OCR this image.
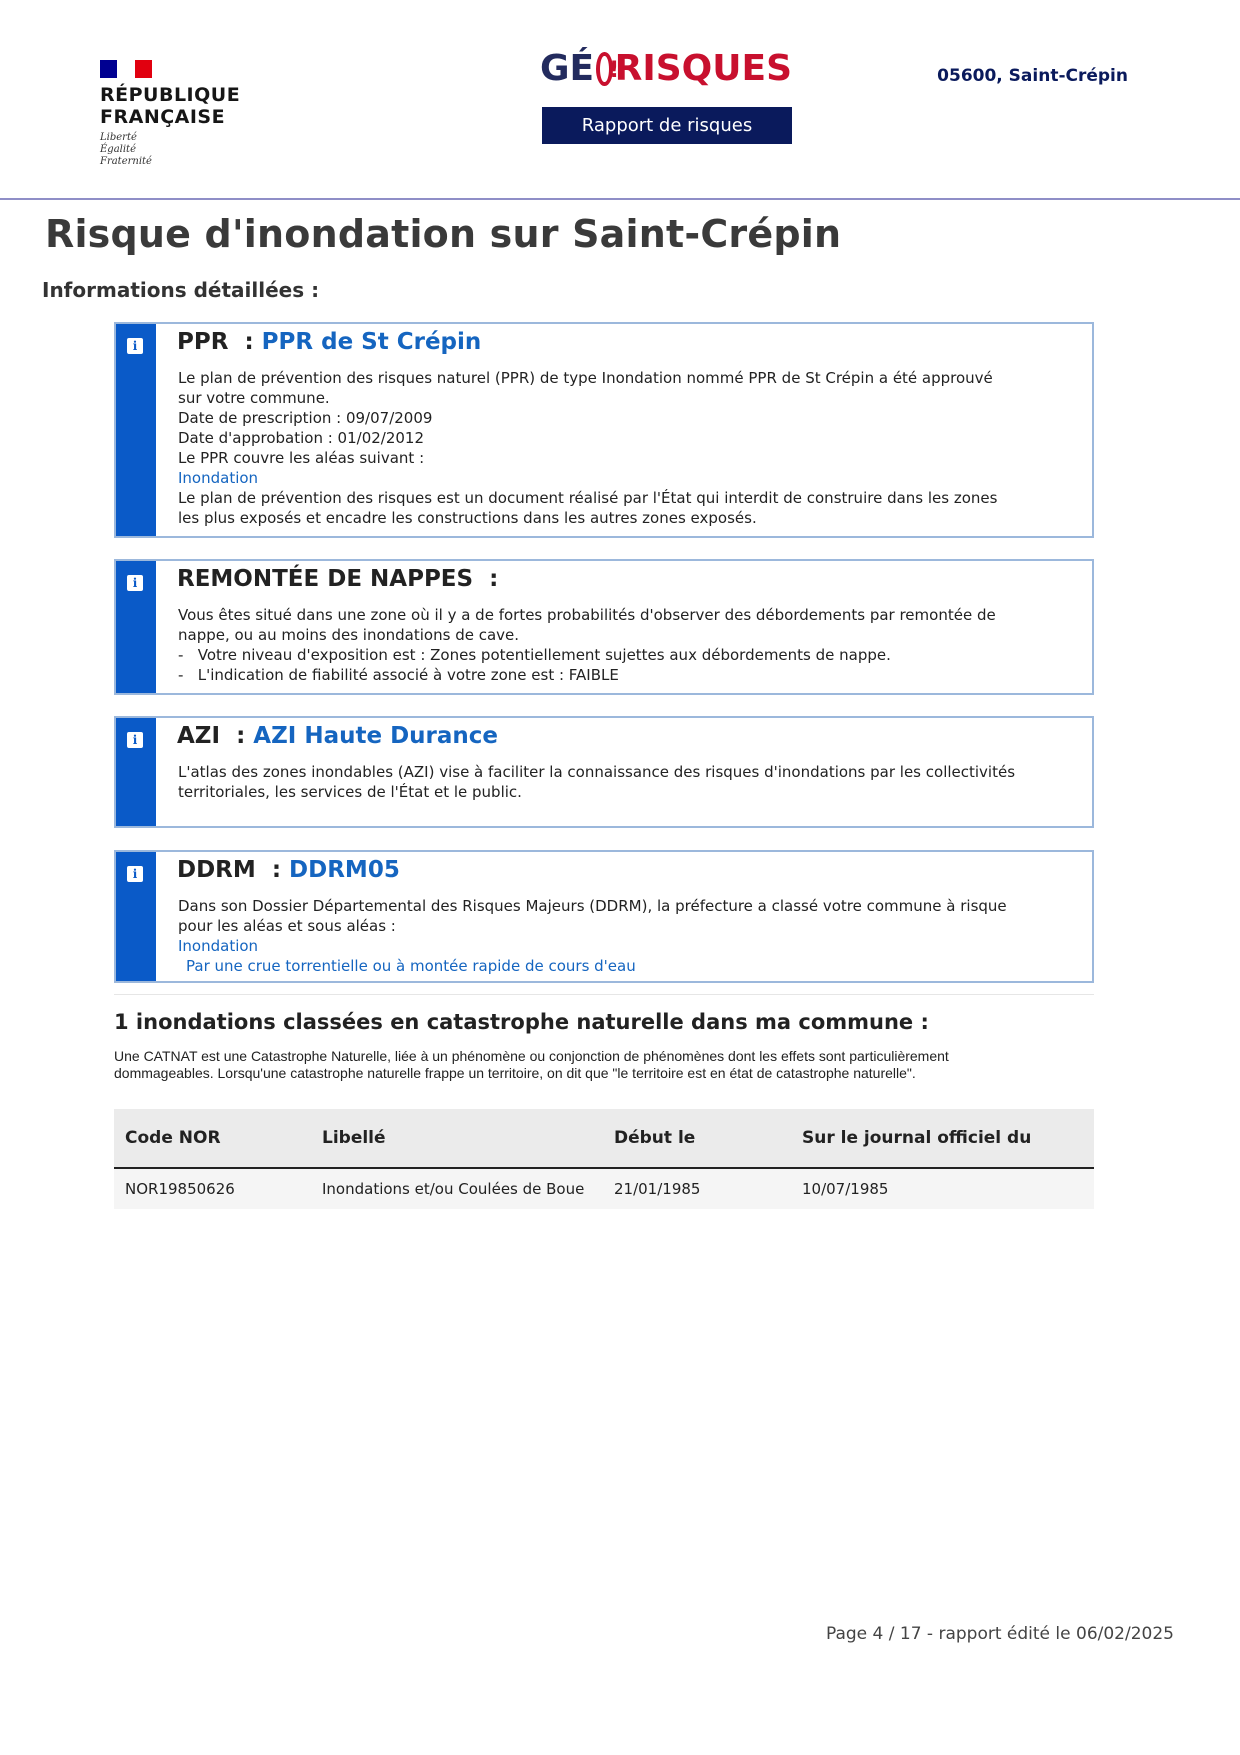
RÉPUBLIQUE
FRANÇAISE
Liberté
Égalité
Fraternité
GÉ
! RISQUES
Rapport de risques
05600, Saint-Crépin
Risque d'inondation sur Saint-Crépin
Informations détaillées :
i PPR : PPR de St Crépin
Le plan de prévention des risques naturel (PPR) de type Inondation nommé PPR de St Crépin a été approuvé sur votre commune.
Date de prescription : 09/07/2009
Date d'approbation : 01/02/2012
Le PPR couvre les aléas suivant :
Inondation
Le plan de prévention des risques est un document réalisé par l'État qui interdit de construire dans les zones les plus exposés et encadre les constructions dans les autres zones exposés.
i REMONTÉE DE NAPPES :
Vous êtes situé dans une zone où il y a de fortes probabilités d'observer des débordements par remontée de nappe, ou au moins des inondations de cave.
- Votre niveau d'exposition est : Zones potentiellement sujettes aux débordements de nappe.
- L'indication de fiabilité associé à votre zone est : FAIBLE
i AZI : AZI Haute Durance
L'atlas des zones inondables (AZI) vise à faciliter la connaissance des risques d'inondations par les collectivités territoriales, les services de l'État et le public.
i DDRM : DDRM05
Dans son Dossier Départemental des Risques Majeurs (DDRM), la préfecture a classé votre commune à risque pour les aléas et sous aléas :
Inondation
Par une crue torrentielle ou à montée rapide de cours d'eau
1 inondations classées en catastrophe naturelle dans ma commune :
Une CATNAT est une Catastrophe Naturelle, liée à un phénomène ou conjonction de phénomènes dont les effets sont particulièrement dommageables. Lorsqu'une catastrophe naturelle frappe un territoire, on dit que "le territoire est en état de catastrophe naturelle".
Code NOR	Libellé	Début le	Sur le journal officiel du
NOR19850626	Inondations et/ou Coulées de Boue	21/01/1985	10/07/1985
Page 4 / 17 - rapport édité le 06/02/2025
